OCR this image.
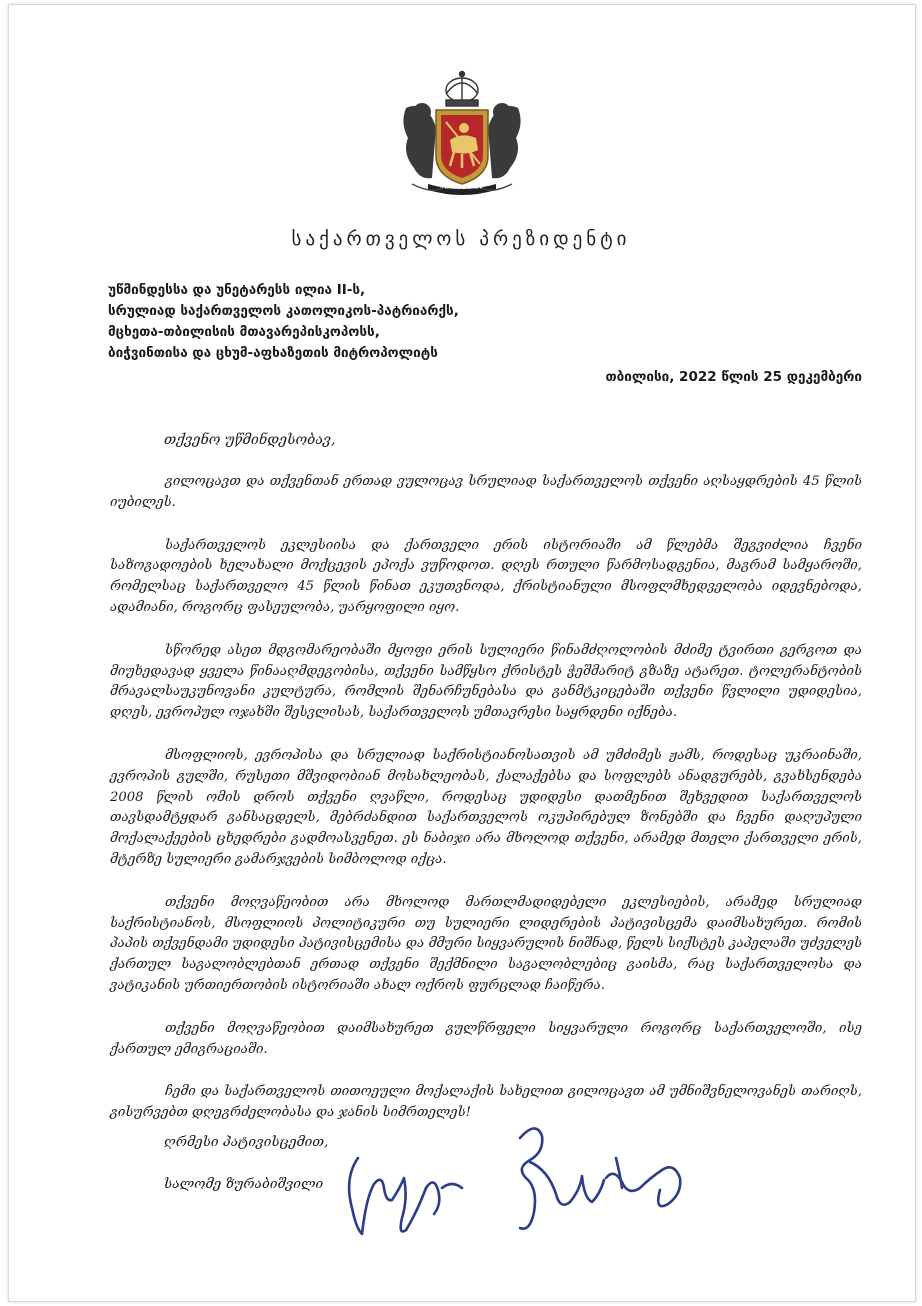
საქართველოს პრეზიდენტი
უწმინდესსა და უნეტარესს ილია II-ს,
სრულიად საქართველოს კათოლიკოს-პატრიარქს,
მცხეთა-თბილისის მთავარეპისკოპოსს,
ბიჭვინთისა და ცხუმ-აფხაზეთის მიტროპოლიტს
თბილისი, 2022 წლის 25 დეკემბერი
თქვენო უწმინდესობავ,

გილოცავთ და თქვენთან ერთად ვულოცავ სრულიად საქართველოს თქვენი აღსაყდრების 45 წლის იუბილეს.

საქართველოს ეკლესიისა და ქართველი ერის ისტორიაში ამ წლებმა შეგვიძლია ჩვენი საზოგადოების ხელახალი მოქცევის ეპოქა ვუწოდოთ. დღეს რთული წარმოსადგენია, მაგრამ სამყაროში, რომელსაც საქართველო 45 წლის წინათ ეკუთვნოდა, ქრისტიანული მსოფლმხედველობა იდევნებოდა, ადამიანი, როგორც ფასეულობა, უარყოფილი იყო.

სწორედ ასეთ მდგომარეობაში მყოფი ერის სულიერი წინამძღოლობის მძიმე ტვირთი გერგოთ და მიუხედავად ყველა წინააღმდეგობისა, თქვენი სამწყსო ქრისტეს ჭეშმარიტ გზაზე ატარეთ. ტოლერანტობის მრავალსაუკუნოვანი კულტურა, რომლის შენარჩუნებასა და განმტკიცებაში თქვენი წვლილი უდიდესია, დღეს, ევროპულ ოჯახში შესვლისას, საქართველოს უმთავრესი საყრდენი იქნება.

მსოფლიოს, ევროპისა და სრულიად საქრისტიანოსათვის ამ უმძიმეს ჟამს, როდესაც უკრაინაში, ევროპის გულში, რუსეთი მშვიდობიან მოსახლეობას, ქალაქებსა და სოფლებს ანადგურებს, გვახსენდება 2008 წლის ომის დროს თქვენი ღვაწლი, როდესაც უდიდესი დათმენით შეხვედით საქართველოს თავსდამტყდარ განსაცდელს, მებრძანდით საქართველოს ოკუპირებულ ზონებში და ჩვენი დაღუპული მოქალაქეების ცხედრები გადმოასვენეთ. ეს ნაბიჯი არა მხოლოდ თქვენი, არამედ მთელი ქართველი ერის, მტერზე სულიერი გამარჯვების სიმბოლოდ იქცა.

თქვენი მოღვაწეობით არა მხოლოდ მართლმადიდებელი ეკლესიების, არამედ სრულიად საქრისტიანოს, მსოფლიოს პოლიტიკური თუ სულიერი ლიდერების პატივისცემა დაიმსახურეთ. რომის პაპის თქვენდამი უდიდესი პატივისცემისა და მმური სიყვარულის ნიშნად, წელს სიქსტეს კაპელაში უძველეს ქართულ საგალობლებთან ერთად თქვენი შექმნილი საგალობლებიც გაისმა, რაც საქართველოსა და ვატიკანის ურთიერთობის ისტორიაში ახალ ოქროს ფურცლად ჩაიწერა.

თქვენი მოღვაწეობით დაიმსახურეთ გულწრფელი სიყვარული როგორც საქართველოში, ისე ქართულ ემიგრაციაში.

ჩემი და საქართველოს თითოეული მოქალაქის სახელით გილოცავთ ამ უმნიშვნელოვანეს თარიღს, გისურვებთ დღეგრძელობასა და ჯანის სიმრთელეს!

ღრმესი პატივისცემით,
სალომე ზურაბიშვილი
